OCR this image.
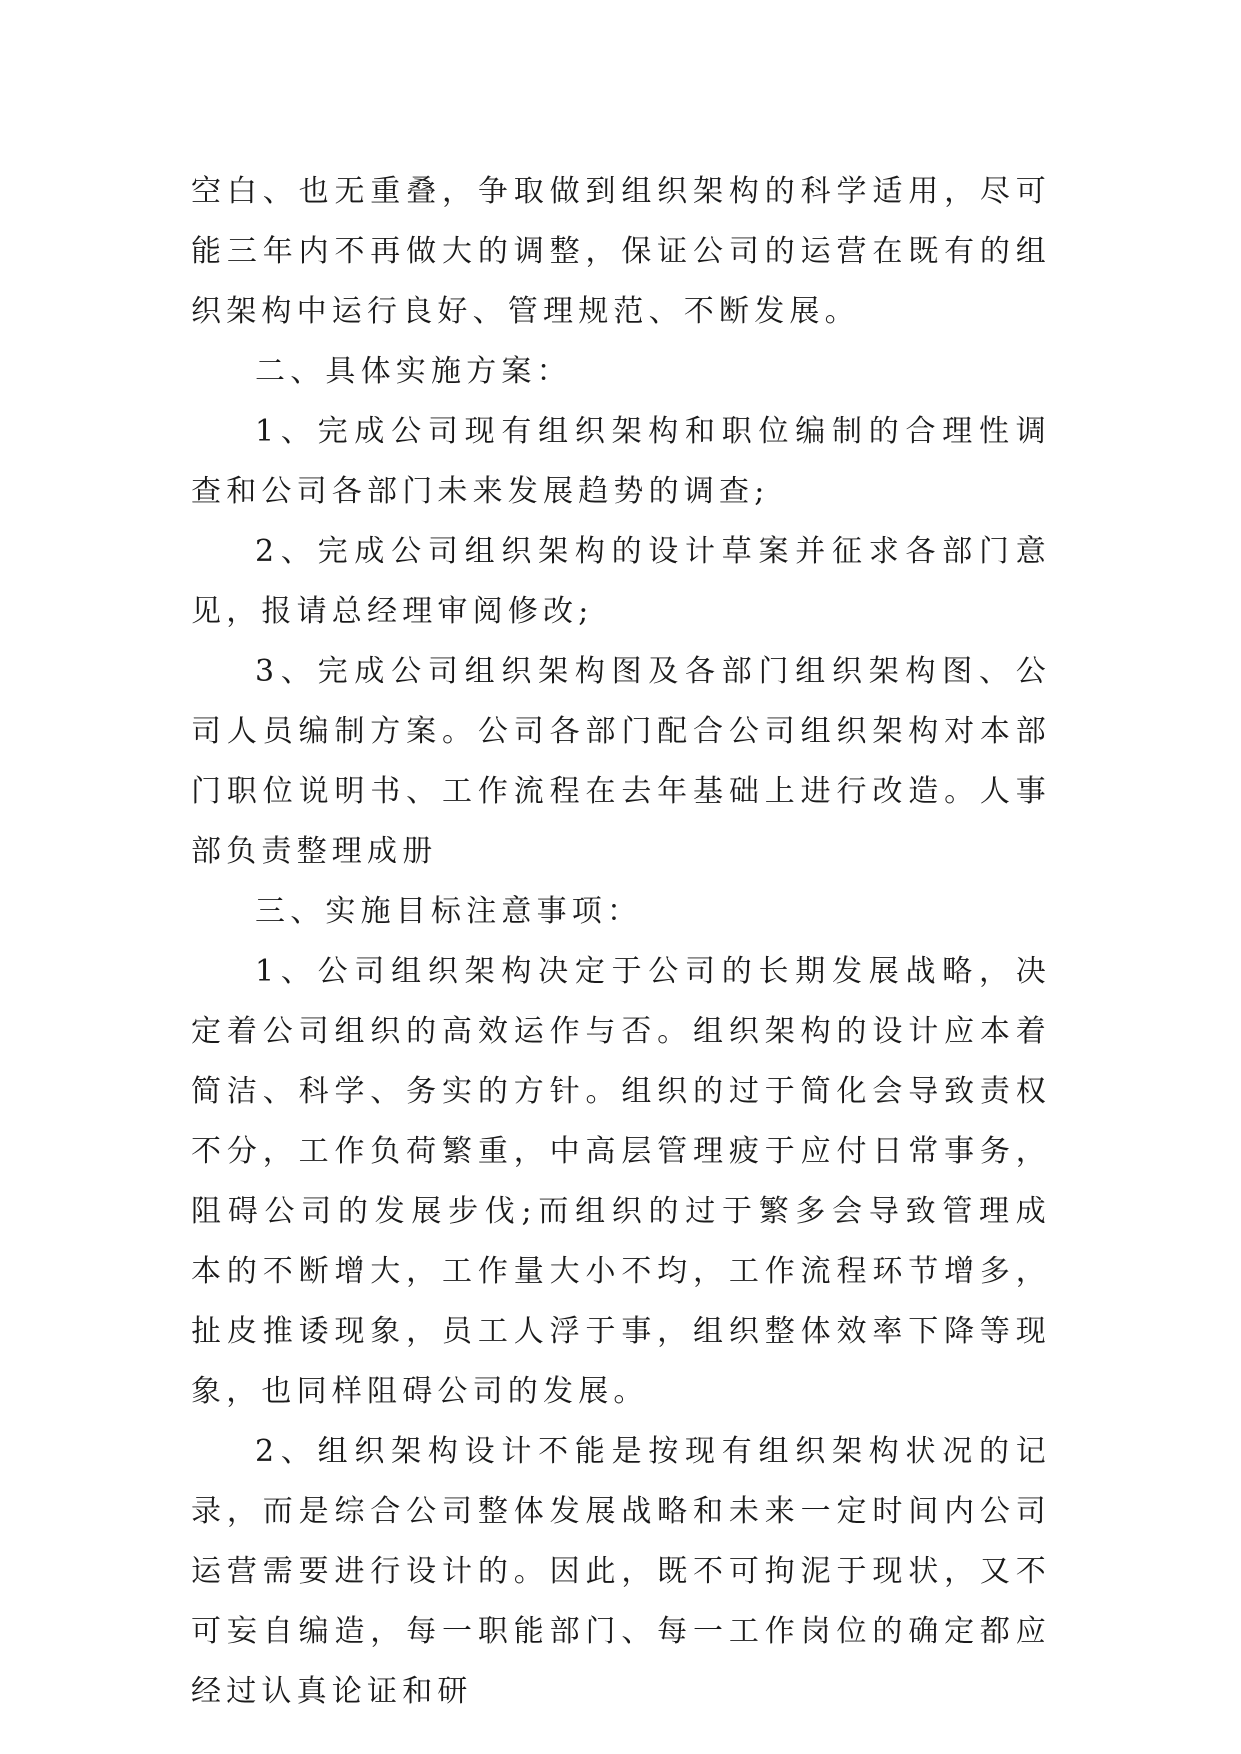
空白、也无重叠，争取做到组织架构的科学适用，尽可能三年内不再做大的调整，保证公司的运营在既有的组织架构中运行良好、管理规范、不断发展。

二、具体实施方案：

1、完成公司现有组织架构和职位编制的合理性调查和公司各部门未来发展趋势的调查;

2、完成公司组织架构的设计草案并征求各部门意见，报请总经理审阅修改;

3、完成公司组织架构图及各部门组织架构图、公司人员编制方案。公司各部门配合公司组织架构对本部门职位说明书、工作流程在去年基础上进行改造。人事部负责整理成册

三、实施目标注意事项：

1、公司组织架构决定于公司的长期发展战略，决定着公司组织的高效运作与否。组织架构的设计应本着简洁、科学、务实的方针。组织的过于简化会导致责权不分，工作负荷繁重，中高层管理疲于应付日常事务，阻碍公司的发展步伐;而组织的过于繁多会导致管理成本的不断增大，工作量大小不均，工作流程环节增多，扯皮推诿现象，员工人浮于事，组织整体效率下降等现象，也同样阻碍公司的发展。

2、组织架构设计不能是按现有组织架构状况的记录，而是综合公司整体发展战略和未来一定时间内公司运营需要进行设计的。因此，既不可拘泥于现状，又不可妄自编造，每一职能部门、每一工作岗位的确定都应经过认真论证和研
